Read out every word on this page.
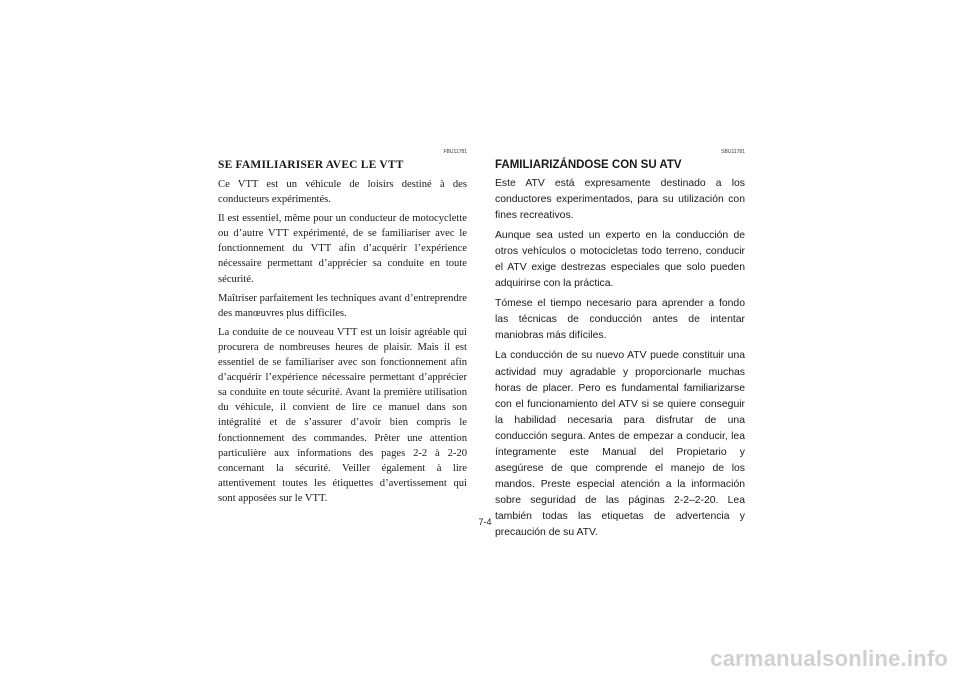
FBU11781
SE FAMILIARISER AVEC LE VTT

Ce VTT est un véhicule de loisirs destiné à des conducteurs expérimentés.

Il est essentiel, même pour un conducteur de motocyclette ou d’autre VTT expérimenté, de se familiariser avec le fonctionnement du VTT afin d’acquérir l’expérience nécessaire permettant d’apprécier sa conduite en toute sécurité.

Maîtriser parfaitement les techniques avant d’entreprendre des manœuvres plus difficiles.

La conduite de ce nouveau VTT est un loisir agréable qui procurera de nombreuses heures de plaisir. Mais il est essentiel de se familiariser avec son fonctionnement afin d’acquérir l’expérience nécessaire permettant d’apprécier sa conduite en toute sécurité. Avant la première utilisation du véhicule, il convient de lire ce manuel dans son intégralité et de s’assurer d’avoir bien compris le fonctionnement des commandes. Prêter une attention particulière aux informations des pages 2-2 à 2-20 concernant la sécurité. Veiller également à lire attentivement toutes les étiquettes d’avertissement qui sont apposées sur le VTT.

SBU11781
FAMILIARIZÁNDOSE CON SU ATV

Este ATV está expresamente destinado a los conductores experimentados, para su utilización con fines recreativos.

Aunque sea usted un experto en la conducción de otros vehículos o motocicletas todo terreno, conducir el ATV exige destrezas especiales que solo pueden adquirirse con la práctica.

Tómese el tiempo necesario para aprender a fondo las técnicas de conducción antes de intentar maniobras más difíciles.

La conducción de su nuevo ATV puede constituir una actividad muy agradable y proporcionarle muchas horas de placer. Pero es fundamental familiarizarse con el funcionamiento del ATV si se quiere conseguir la habilidad necesaria para disfrutar de una conducción segura. Antes de empezar a conducir, lea íntegramente este Manual del Propietario y asegúrese de que comprende el manejo de los mandos. Preste especial atención a la información sobre seguridad de las páginas 2-2–2-20. Lea también todas las etiquetas de advertencia y precaución de su ATV.

7-4
carmanualsonline.info
